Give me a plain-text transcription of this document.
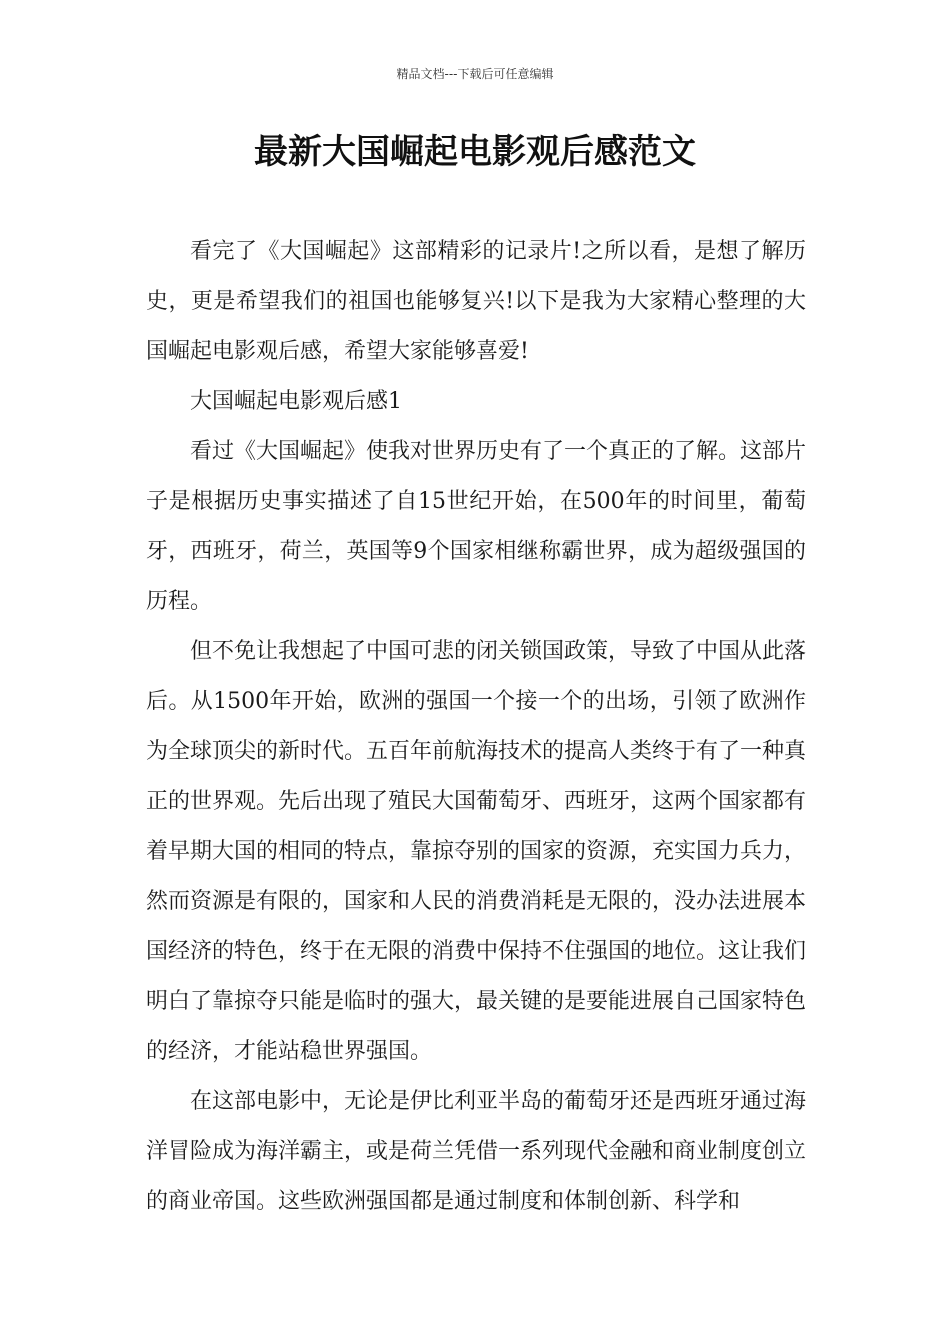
精品文档---下载后可任意编辑
最新大国崛起电影观后感范文

看完了《大国崛起》这部精彩的记录片!之所以看，是想了解历史，更是希望我们的祖国也能够复兴!以下是我为大家精心整理的大国崛起电影观后感，希望大家能够喜爱!

大国崛起电影观后感1

看过《大国崛起》使我对世界历史有了一个真正的了解。这部片子是根据历史事实描述了自15世纪开始，在500年的时间里，葡萄牙，西班牙，荷兰，英国等9个国家相继称霸世界，成为超级强国的历程。

但不免让我想起了中国可悲的闭关锁国政策，导致了中国从此落后。从1500年开始，欧洲的强国一个接一个的出场，引领了欧洲作为全球顶尖的新时代。五百年前航海技术的提高人类终于有了一种真正的世界观。先后出现了殖民大国葡萄牙、西班牙，这两个国家都有着早期大国的相同的特点，靠掠夺别的国家的资源，充实国力兵力，然而资源是有限的，国家和人民的消费消耗是无限的，没办法进展本国经济的特色，终于在无限的消费中保持不住强国的地位。这让我们明白了靠掠夺只能是临时的强大，最关键的是要能进展自己国家特色的经济，才能站稳世界强国。

在这部电影中，无论是伊比利亚半岛的葡萄牙还是西班牙通过海洋冒险成为海洋霸主，或是荷兰凭借一系列现代金融和商业制度创立的商业帝国。这些欧洲强国都是通过制度和体制创新、科学和
